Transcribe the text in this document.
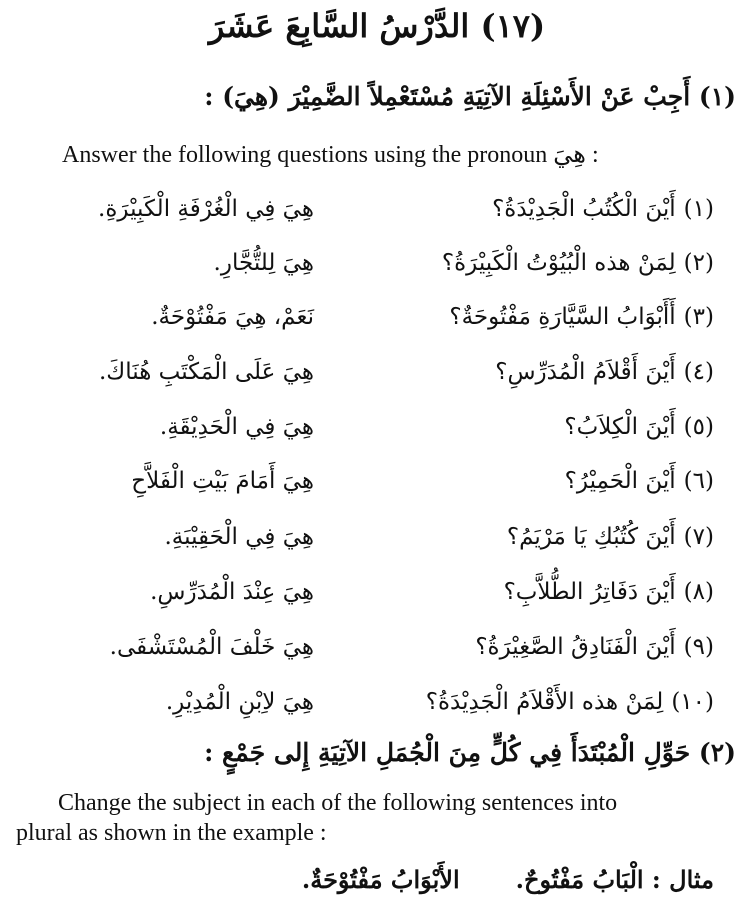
(١٧) الدَّرْسُ السَّابِعَ عَشَرَ
(١) أَجِبْ عَنْ الأَسْئِلَةِ الآتِيَةِ مُسْتَعْمِلاً الضَّمِيْرَ (هِيَ) :
Answer the following questions using the pronoun هِيَ :
(١)أَيْنَ الْكُتُبُ الْجَدِيْدَةُ؟
هِيَ فِي الْغُرْفَةِ الْكَبِيْرَةِ.
(٢)لِمَنْ هذه الْبُيُوْتُ الْكَبِيْرَةُ؟
هِيَ لِلتُّجَّارِ.
(٣)أَأَبْوَابُ السَّيَّارَةِ مَفْتُوحَةٌ؟
نَعَمْ، هِيَ مَفْتُوْحَةٌ.
(٤)أَيْنَ أَقْلاَمُ الْمُدَرِّسِ؟
هِيَ عَلَى الْمَكْتَبِ هُنَاكَ.
(٥)أَيْنَ الْكِلاَبُ؟
هِيَ فِي الْحَدِيْقَةِ.
(٦)أَيْنَ الْحَمِيْرُ؟
هِيَ أَمَامَ بَيْتِ الْفَلاَّحِ
(٧)أَيْنَ كُتُبُكِ يَا مَرْيَمُ؟
هِيَ فِي الْحَقِيْبَةِ.
(٨)أَيْنَ دَفَاتِرُ الطُّلاَّبِ؟
هِيَ عِنْدَ الْمُدَرِّسِ.
(٩)أَيْنَ الْفَنَادِقُ الصَّغِيْرَةُ؟
هِيَ خَلْفَ الْمُسْتَشْفَى.
(١٠)لِمَنْ هذه الأَقْلاَمُ الْجَدِيْدَةُ؟
هِيَ لاِبْنِ الْمُدِيْرِ.
(٢) حَوِّلِ الْمُبْتَدَأَ فِي كُلٍّ مِنَ الْجُمَلِ الآتِيَةِ إِلى جَمْعٍ :
Change the subject in each of the following sentences into
plural as shown in the example :
مثال : الْبَابُ مَفْتُوحٌ.الأَبْوَابُ مَفْتُوْحَةٌ.
